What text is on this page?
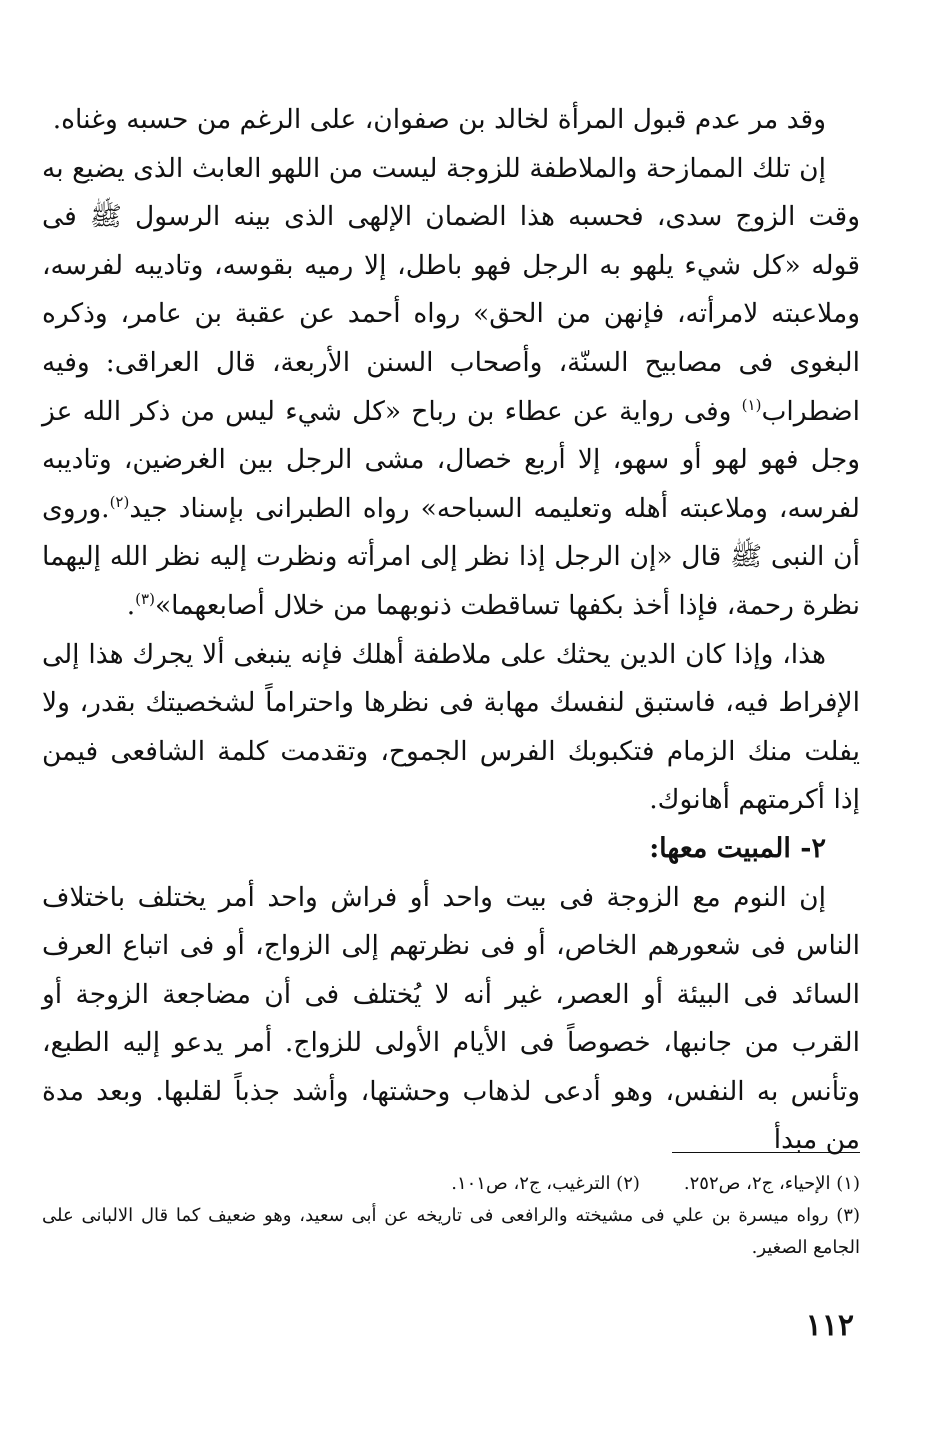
وقد مر عدم قبول المرأة لخالد بن صفوان، على الرغم من حسبه وغناه.

إن تلك الممازحة والملاطفة للزوجة ليست من اللهو العابث الذى يضيع به وقت الزوج سدى، فحسبه هذا الضمان الإلهى الذى بينه الرسول ﷺ فى قوله «كل شيء يلهو به الرجل فهو باطل، إلا رميه بقوسه، وتاديبه لفرسه، وملاعبته لامرأته، فإنهن من الحق» رواه أحمد عن عقبة بن عامر، وذكره البغوى فى مصابيح السنّة، وأصحاب السنن الأربعة، قال العراقى: وفيه اضطراب$^{(١)}$ وفى رواية عن عطاء بن رباح «كل شيء ليس من ذكر الله عز وجل فهو لهو أو سهو، إلا أربع خصال، مشى الرجل بين الغرضين، وتاديبه لفرسه، وملاعبته أهله وتعليمه السباحه» رواه الطبرانى بإسناد جيد$^{(٢)}$.وروى أن النبى ﷺ قال «إن الرجل إذا نظر إلى امرأته ونظرت إليه نظر الله إليهما نظرة رحمة، فإذا أخذ بكفها تساقطت ذنوبهما من خلال أصابعهما»$^{(٣)}$.

هذا، وإذا كان الدين يحثك على ملاطفة أهلك فإنه ينبغى ألا يجرك هذا إلى الإفراط فيه، فاستبق لنفسك مهابة فى نظرها واحتراماً لشخصيتك بقدر، ولا يفلت منك الزمام فتكبوبك الفرس الجموح، وتقدمت كلمة الشافعى فيمن إذا أكرمتهم أهانوك.

٢- المبيت معها:

إن النوم مع الزوجة فى بيت واحد أو فراش واحد أمر يختلف باختلاف الناس فى شعورهم الخاص، أو فى نظرتهم إلى الزواج، أو فى اتباع العرف السائد فى البيئة أو العصر، غير أنه لا يُختلف فى أن مضاجعة الزوجة أو القرب من جانبها، خصوصاً فى الأيام الأولى للزواج. أمر يدعو إليه الطبع، وتأنس به النفس، وهو أدعى لذهاب وحشتها، وأشد جذباً لقلبها. وبعد مدة من مبدأ

(١) الإحياء، ج٢، ص٢٥٢.(٢) الترغيب، ج٢، ص١٠١.

(٣) رواه ميسرة بن علي فى مشيخته والرافعى فى تاريخه عن أبى سعيد، وهو ضعيف كما قال الالبانى على الجامع الصغير.

١١٢
